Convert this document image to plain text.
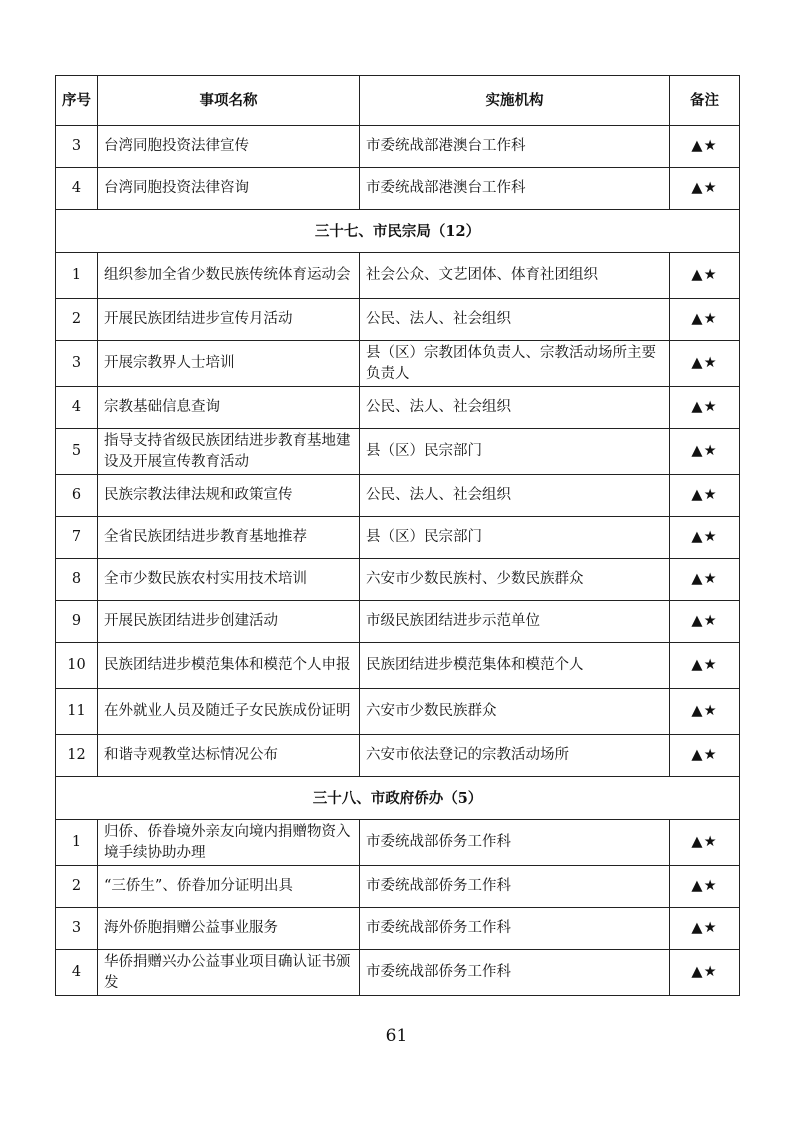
序号	事项名称	实施机构	备注
3	台湾同胞投资法律宣传	市委统战部港澳台工作科	▲★
4	台湾同胞投资法律咨询	市委统战部港澳台工作科	▲★
三十七、市民宗局（12）			
1	组织参加全省少数民族传统体育运动会	社会公众、文艺团体、体育社团组织	▲★
2	开展民族团结进步宣传月活动	公民、法人、社会组织	▲★
3	开展宗教界人士培训	县（区）宗教团体负责人、宗教活动场所主要负责人	▲★
4	宗教基础信息查询	公民、法人、社会组织	▲★
5	指导支持省级民族团结进步教育基地建设及开展宣传教育活动	县（区）民宗部门	▲★
6	民族宗教法律法规和政策宣传	公民、法人、社会组织	▲★
7	全省民族团结进步教育基地推荐	县（区）民宗部门	▲★
8	全市少数民族农村实用技术培训	六安市少数民族村、少数民族群众	▲★
9	开展民族团结进步创建活动	市级民族团结进步示范单位	▲★
10	民族团结进步模范集体和模范个人申报	民族团结进步模范集体和模范个人	▲★
11	在外就业人员及随迁子女民族成份证明	六安市少数民族群众	▲★
12	和谐寺观教堂达标情况公布	六安市依法登记的宗教活动场所	▲★
三十八、市政府侨办（5）			
1	归侨、侨眷境外亲友向境内捐赠物资入境手续协助办理	市委统战部侨务工作科	▲★
2	“三侨生”、侨眷加分证明出具	市委统战部侨务工作科	▲★
3	海外侨胞捐赠公益事业服务	市委统战部侨务工作科	▲★
4	华侨捐赠兴办公益事业项目确认证书颁发	市委统战部侨务工作科	▲★
61
